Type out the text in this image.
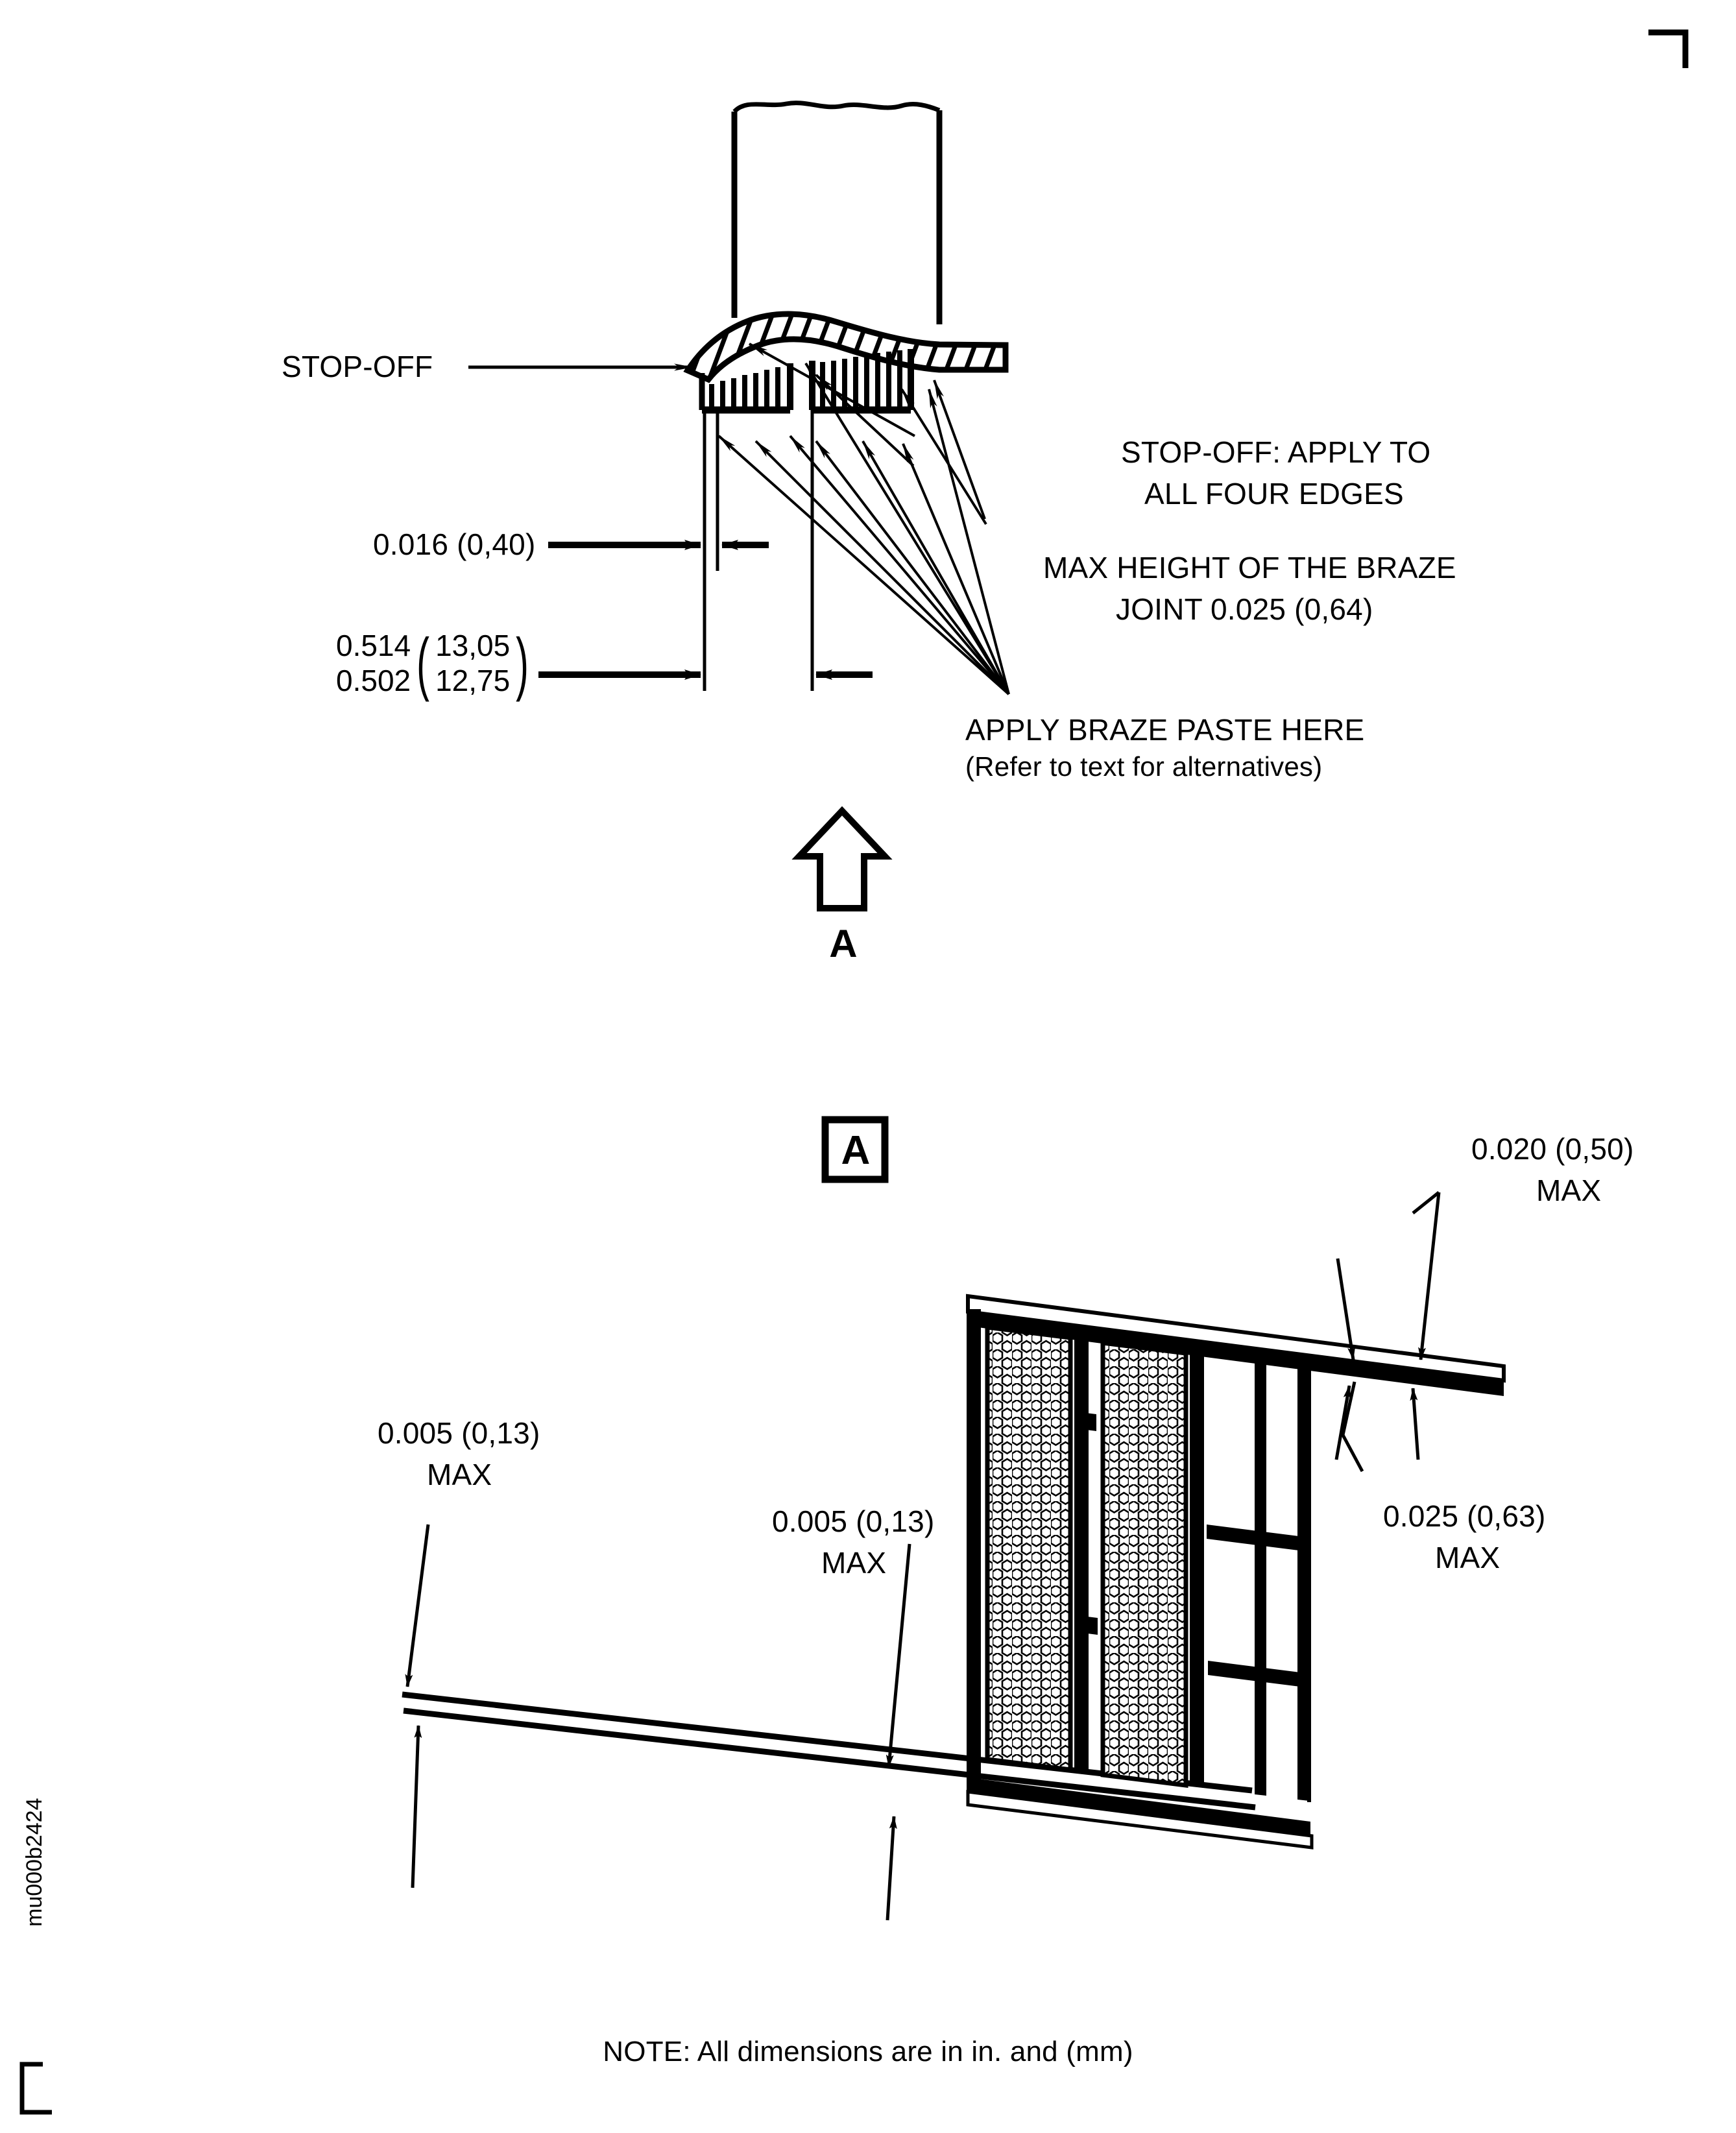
STOP-OFF
0.016 (0,40)
0.514
0.502 ( 13,05
12,75 )
STOP-OFF: APPLY TO
ALL FOUR EDGES
MAX HEIGHT OF THE BRAZE
JOINT 0.025 (0,64)
APPLY BRAZE PASTE HERE
(Refer to text for alternatives)
A
A	0.020 (0,50)
MAX
0.025 (0,63)
MAX
0.005 (0,13)
MAX
0.005 (0,13)
MAX
NOTE: All dimensions are in in. and (mm)
mu000b2424
